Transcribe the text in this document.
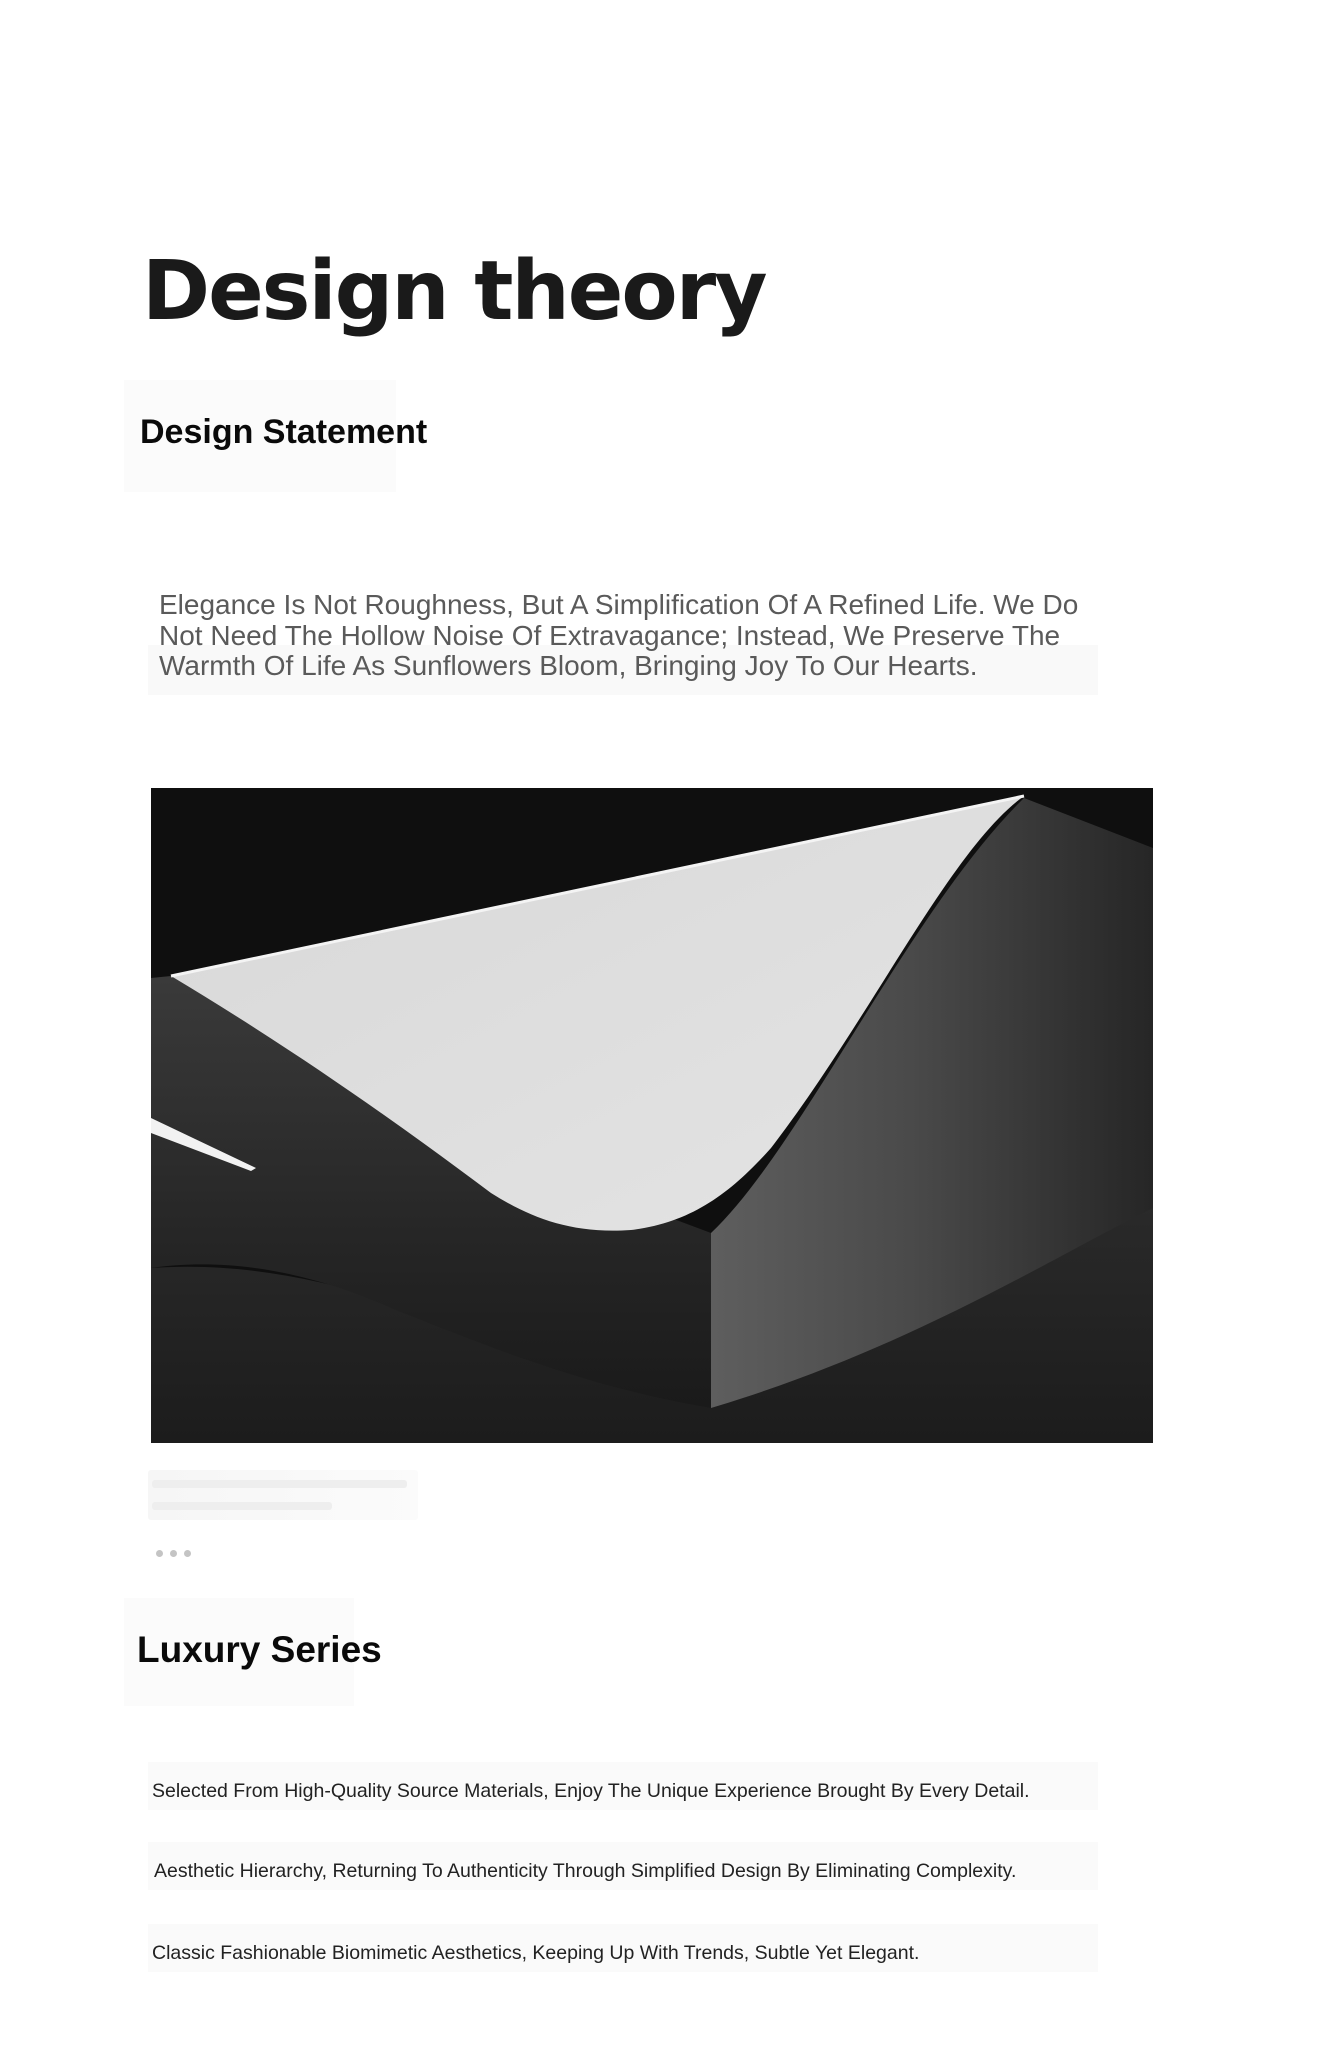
Design theory
Design Statement

Elegance Is Not Roughness, But A Simplification Of A Refined Life. We Do Not Need The Hollow Noise Of Extravagance; Instead, We Preserve The Warmth Of Life As Sunflowers Bloom, Bringing Joy To Our Hearts.

Luxury Series

Selected From High-Quality Source Materials, Enjoy The Unique Experience Brought By Every Detail.

Aesthetic Hierarchy, Returning To Authenticity Through Simplified Design By Eliminating Complexity.

Classic Fashionable Biomimetic Aesthetics, Keeping Up With Trends, Subtle Yet Elegant.
